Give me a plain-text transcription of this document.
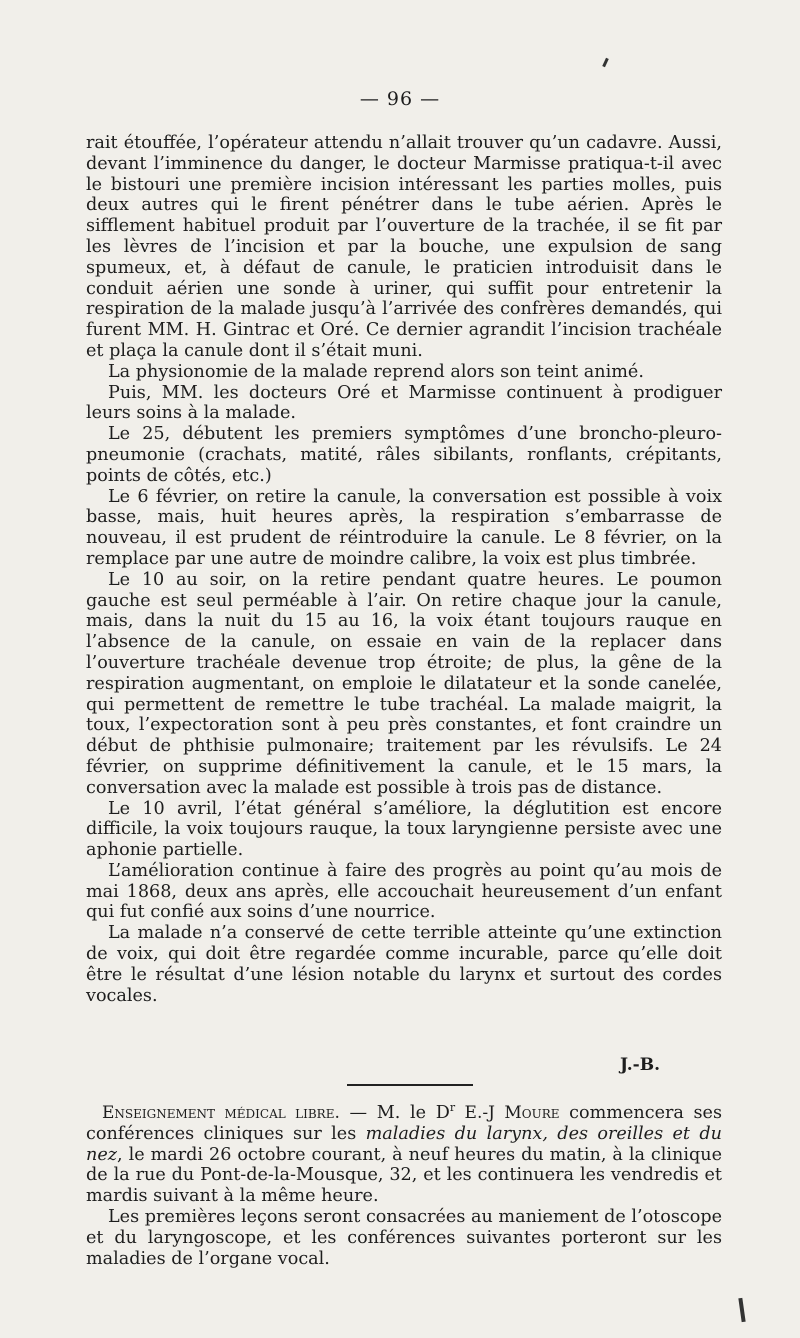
— 96 —

rait étouffée, l’opérateur attendu n’allait trouver qu’un cadavre. Aussi, devant l’imminence du danger, le docteur Marmisse pratiqua-t-il avec le bistouri une première incision intéressant les parties molles, puis deux autres qui le firent pénétrer dans le tube aérien. Après le sifflement habituel produit par l’ouverture de la trachée, il se fit par les lèvres de l’incision et par la bouche, une expulsion de sang spumeux, et, à défaut de canule, le praticien introduisit dans le conduit aérien une sonde à uriner, qui suffit pour entretenir la respiration de la malade jusqu’à l’arrivée des confrères demandés, qui furent MM. H. Gintrac et Oré. Ce dernier agrandit l’incision trachéale et plaça la canule dont il s’était muni.

La physionomie de la malade reprend alors son teint animé.

Puis, MM. les docteurs Oré et Marmisse continuent à prodiguer leurs soins à la malade.

Le 25, débutent les premiers symptômes d’une broncho-pleuro-pneumonie (crachats, matité, râles sibilants, ronflants, crépitants, points de côtés, etc.)

Le 6 février, on retire la canule, la conversation est possible à voix basse, mais, huit heures après, la respiration s’embarrasse de nouveau, il est prudent de réintroduire la canule. Le 8 février, on la remplace par une autre de moindre calibre, la voix est plus timbrée.

Le 10 au soir, on la retire pendant quatre heures. Le poumon gauche est seul perméable à l’air. On retire chaque jour la canule, mais, dans la nuit du 15 au 16, la voix étant toujours rauque en l’absence de la canule, on essaie en vain de la replacer dans l’ouverture trachéale devenue trop étroite; de plus, la gêne de la respiration augmentant, on emploie le dilatateur et la sonde canelée, qui permettent de remettre le tube trachéal. La malade maigrit, la toux, l’expectoration sont à peu près constantes, et font craindre un début de phthisie pulmonaire; traitement par les révulsifs. Le 24 février, on supprime définitivement la canule, et le 15 mars, la conversation avec la malade est possible à trois pas de distance.

Le 10 avril, l’état général s’améliore, la déglutition est encore difficile, la voix toujours rauque, la toux laryngienne persiste avec une aphonie partielle.

L’amélioration continue à faire des progrès au point qu’au mois de mai 1868, deux ans après, elle accouchait heureusement d’un enfant qui fut confié aux soins d’une nourrice.

La malade n’a conservé de cette terrible atteinte qu’une extinction de voix, qui doit être regardée comme incurable, parce qu’elle doit être le résultat d’une lésion notable du larynx et surtout des cordes vocales.

J.-B.

Enseignement médical libre. — M. le $D^r$ E.-J Moure commencera ses conférences cliniques sur les maladies du larynx, des oreilles et du nez, le mardi 26 octobre courant, à neuf heures du matin, à la clinique de la rue du Pont-de-la-Mousque, 32, et les continuera les vendredis et mardis suivant à la même heure.

Les premières leçons seront consacrées au maniement de l’otoscope et du laryngoscope, et les conférences suivantes porteront sur les maladies de l’organe vocal.
